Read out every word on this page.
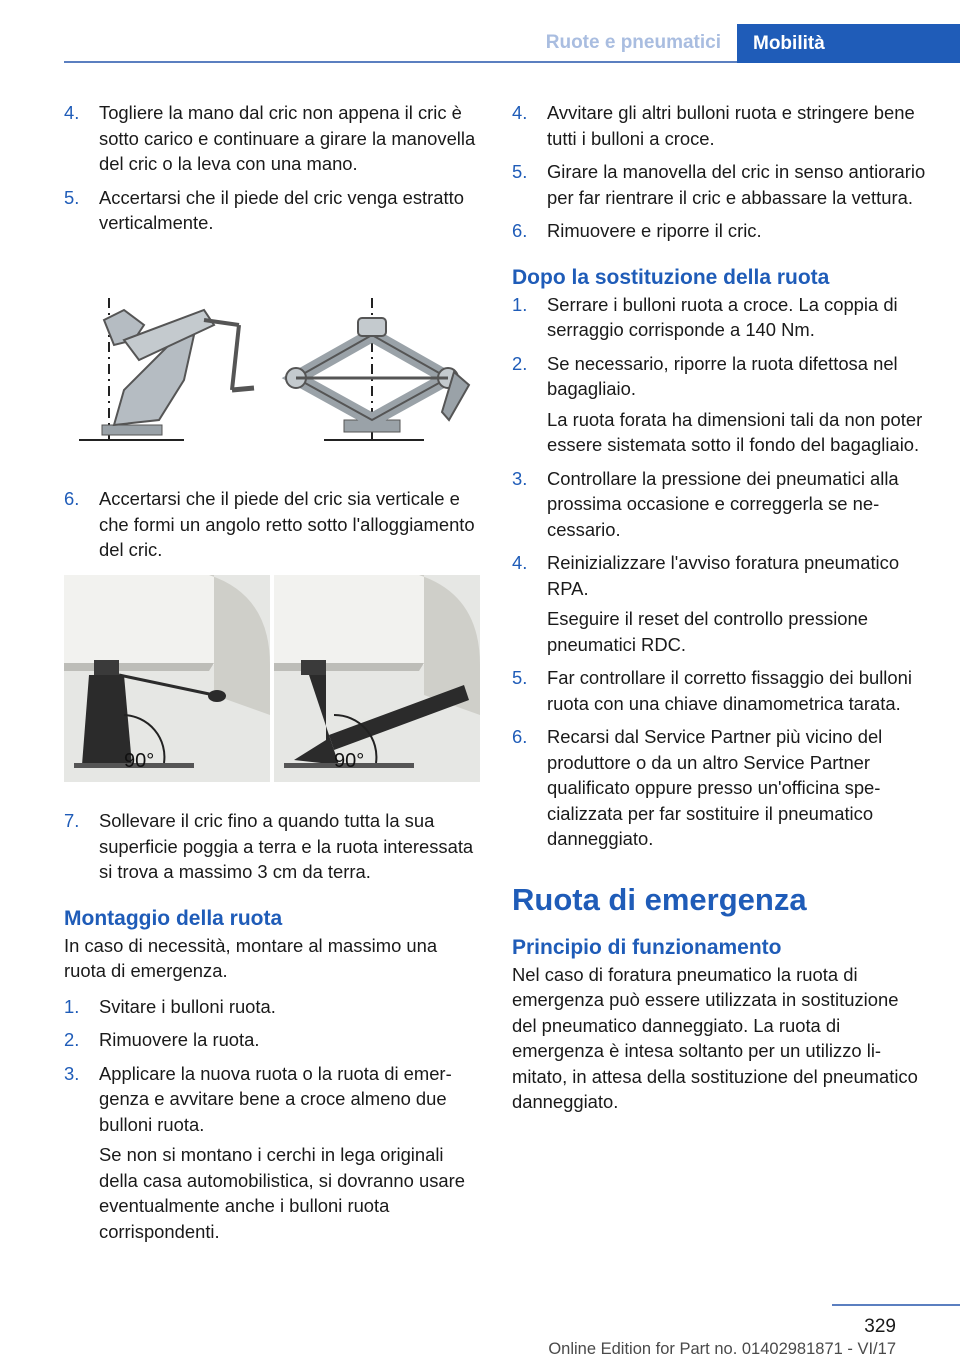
Ruote e pneumatici	Mobilità
4.	Togliere la mano dal cric non appena il cric è sotto carico e continuare a girare la manovella del cric o la leva con una mano.
5.	Accertarsi che il piede del cric venga estratto verticalmente.
6.	Accertarsi che il piede del cric sia verticale e che formi un angolo retto sotto l'alloggiamento del cric.
90°	90°
7.	Sollevare il cric fino a quando tutta la sua superficie poggia a terra e la ruota interessata si trova a massimo 3 cm da terra.
Montaggio della ruota
In caso di necessità, montare al massimo una ruota di emergenza.
1.	Svitare i bulloni ruota.
2.	Rimuovere la ruota.
3.	Applicare la nuova ruota o la ruota di emergenza e avvitare bene a croce almeno due bulloni ruota.
Se non si montano i cerchi in lega originali della casa automobilistica, si dovranno usare eventualmente anche i bulloni ruota corrispondenti.
4.	Avvitare gli altri bulloni ruota e stringere bene tutti i bulloni a croce.
5.	Girare la manovella del cric in senso antiorario per far rientrare il cric e abbassare la vettura.
6.	Rimuovere e riporre il cric.
Dopo la sostituzione della ruota
1.	Serrare i bulloni ruota a croce. La coppia di serraggio corrisponde a 140 Nm.
2.	Se necessario, riporre la ruota difettosa nel bagagliaio.
La ruota forata ha dimensioni tali da non poter essere sistemata sotto il fondo del bagagliaio.
3.	Controllare la pressione dei pneumatici alla prossima occasione e correggerla se necessario.
4.	Reinizializzare l'avviso foratura pneumatico RPA.
Eseguire il reset del controllo pressione pneumatici RDC.
5.	Far controllare il corretto fissaggio dei bulloni ruota con una chiave dinamometrica tarata.
6.	Recarsi dal Service Partner più vicino del produttore o da un altro Service Partner qualificato oppure presso un'officina specializzata per far sostituire il pneumatico danneggiato.
Ruota di emergenza
Principio di funzionamento
Nel caso di foratura pneumatico la ruota di emergenza può essere utilizzata in sostituzione del pneumatico danneggiato. La ruota di emergenza è intesa soltanto per un utilizzo limitato, in attesa della sostituzione del pneumatico danneggiato.
329
Online Edition for Part no. 01402981871 - VI/17
